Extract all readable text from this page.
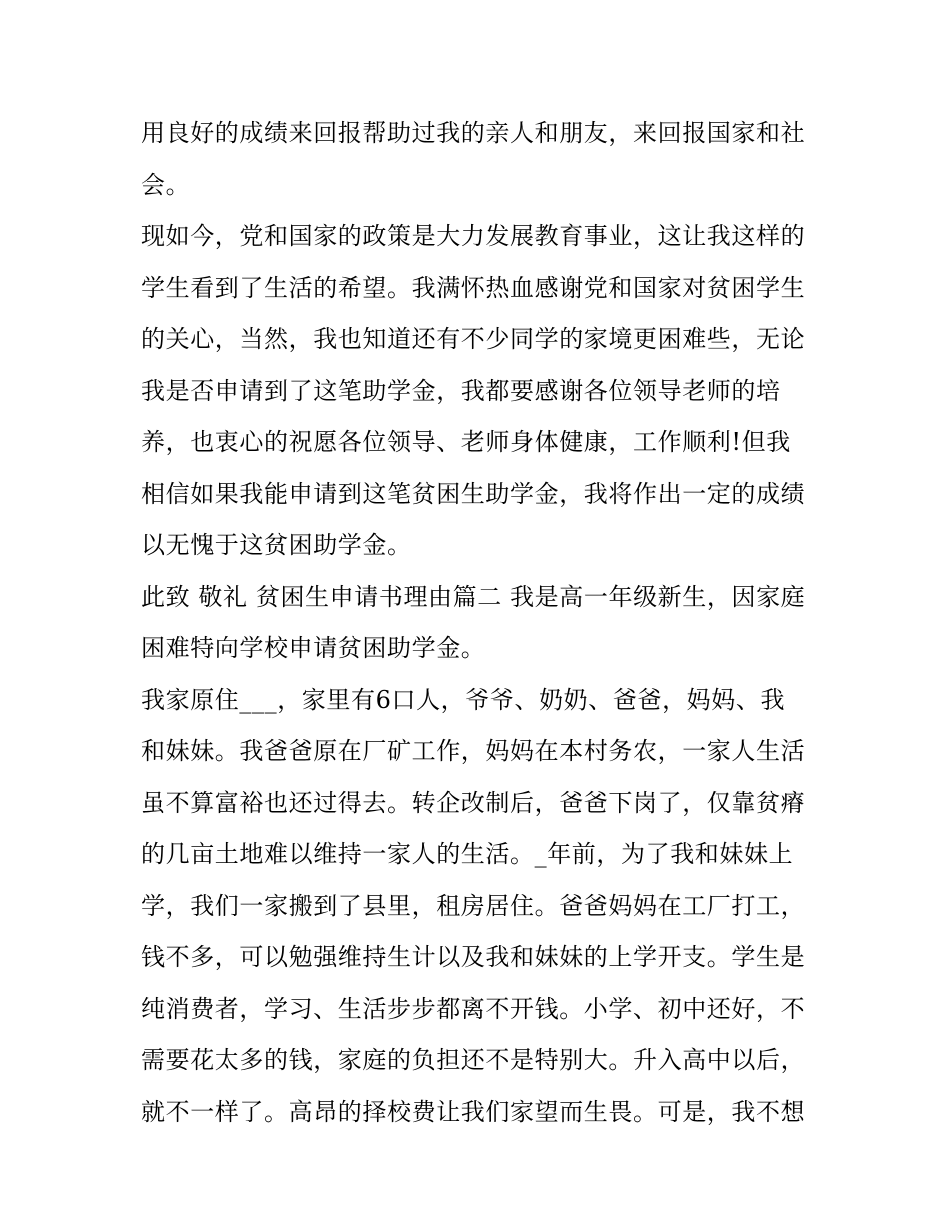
用良好的成绩来回报帮助过我的亲人和朋友，来回报国家和社
会。
现如今，党和国家的政策是大力发展教育事业，这让我这样的
学生看到了生活的希望。我满怀热血感谢党和国家对贫困学生
的关心，当然，我也知道还有不少同学的家境更困难些，无论
我是否申请到了这笔助学金，我都要感谢各位领导老师的培
养，也衷心的祝愿各位领导、老师身体健康，工作顺利!但我
相信如果我能申请到这笔贫困生助学金，我将作出一定的成绩
以无愧于这贫困助学金。
此致 敬礼 贫困生申请书理由篇二 我是高一年级新生，因家庭
困难特向学校申请贫困助学金。
我家原住___，家里有6口人，爷爷、奶奶、爸爸，妈妈、我
和妹妹。我爸爸原在厂矿工作，妈妈在本村务农，一家人生活
虽不算富裕也还过得去。转企改制后，爸爸下岗了，仅靠贫瘠
的几亩土地难以维持一家人的生活。_年前，为了我和妹妹上
学，我们一家搬到了县里，租房居住。爸爸妈妈在工厂打工，
钱不多，可以勉强维持生计以及我和妹妹的上学开支。学生是
纯消费者，学习、生活步步都离不开钱。小学、初中还好，不
需要花太多的钱，家庭的负担还不是特别大。升入高中以后，
就不一样了。高昂的择校费让我们家望而生畏。可是，我不想
